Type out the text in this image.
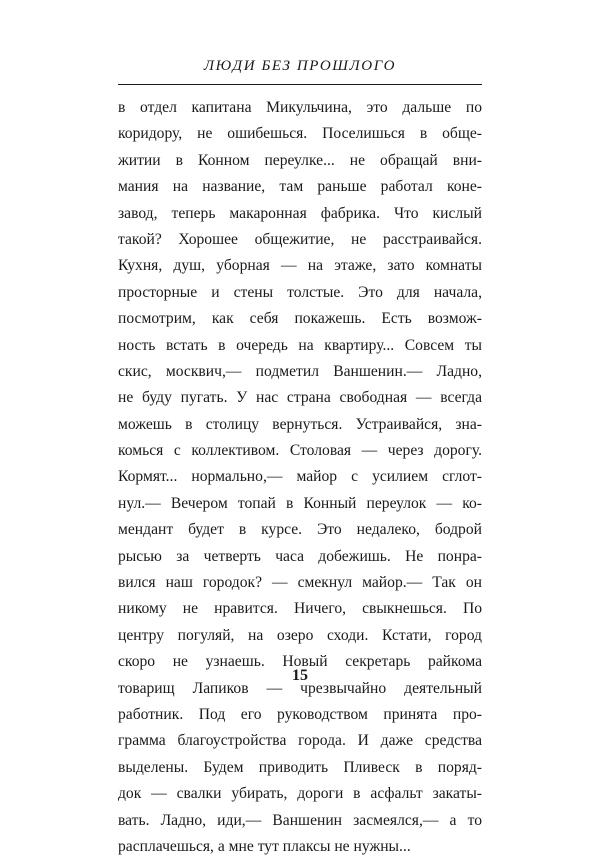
ЛЮДИ БЕЗ ПРОШЛОГО
в отдел капитана Микульчина, это дальше по
коридору, не ошибешься. Поселишься в обще-
житии в Конном переулке... не обращай вни-
мания на название, там раньше работал коне-
завод, теперь макаронная фабрика. Что кислый
такой? Хорошее общежитие, не расстраивайся.
Кухня, душ, уборная — на этаже, зато комнаты
просторные и стены толстые. Это для начала,
посмотрим, как себя покажешь. Есть возмож-
ность встать в очередь на квартиру... Совсем ты
скис, москвич,— подметил Ваншенин.— Ладно,
не буду пугать. У нас страна свободная — всегда
можешь в столицу вернуться. Устраивайся, зна-
комься с коллективом. Столовая — через дорогу.
Кормят... нормально,— майор с усилием сглот-
нул.— Вечером топай в Конный переулок — ко-
мендант будет в курсе. Это недалеко, бодрой
рысью за четверть часа добежишь. Не понра-
вился наш городок? — смекнул майор.— Так он
никому не нравится. Ничего, свыкнешься. По
центру погуляй, на озеро сходи. Кстати, город
скоро не узнаешь. Новый секретарь райкома
товарищ Лапиков — чрезвычайно деятельный
работник. Под его руководством принята про-
грамма благоустройства города. И даже средства
выделены. Будем приводить Пливеск в поряд-
док — свалки убирать, дороги в асфальт закаты-
вать. Ладно, иди,— Ваншенин засмеялся,— а то
расплачешься, а мне тут плаксы не нужны...
15
